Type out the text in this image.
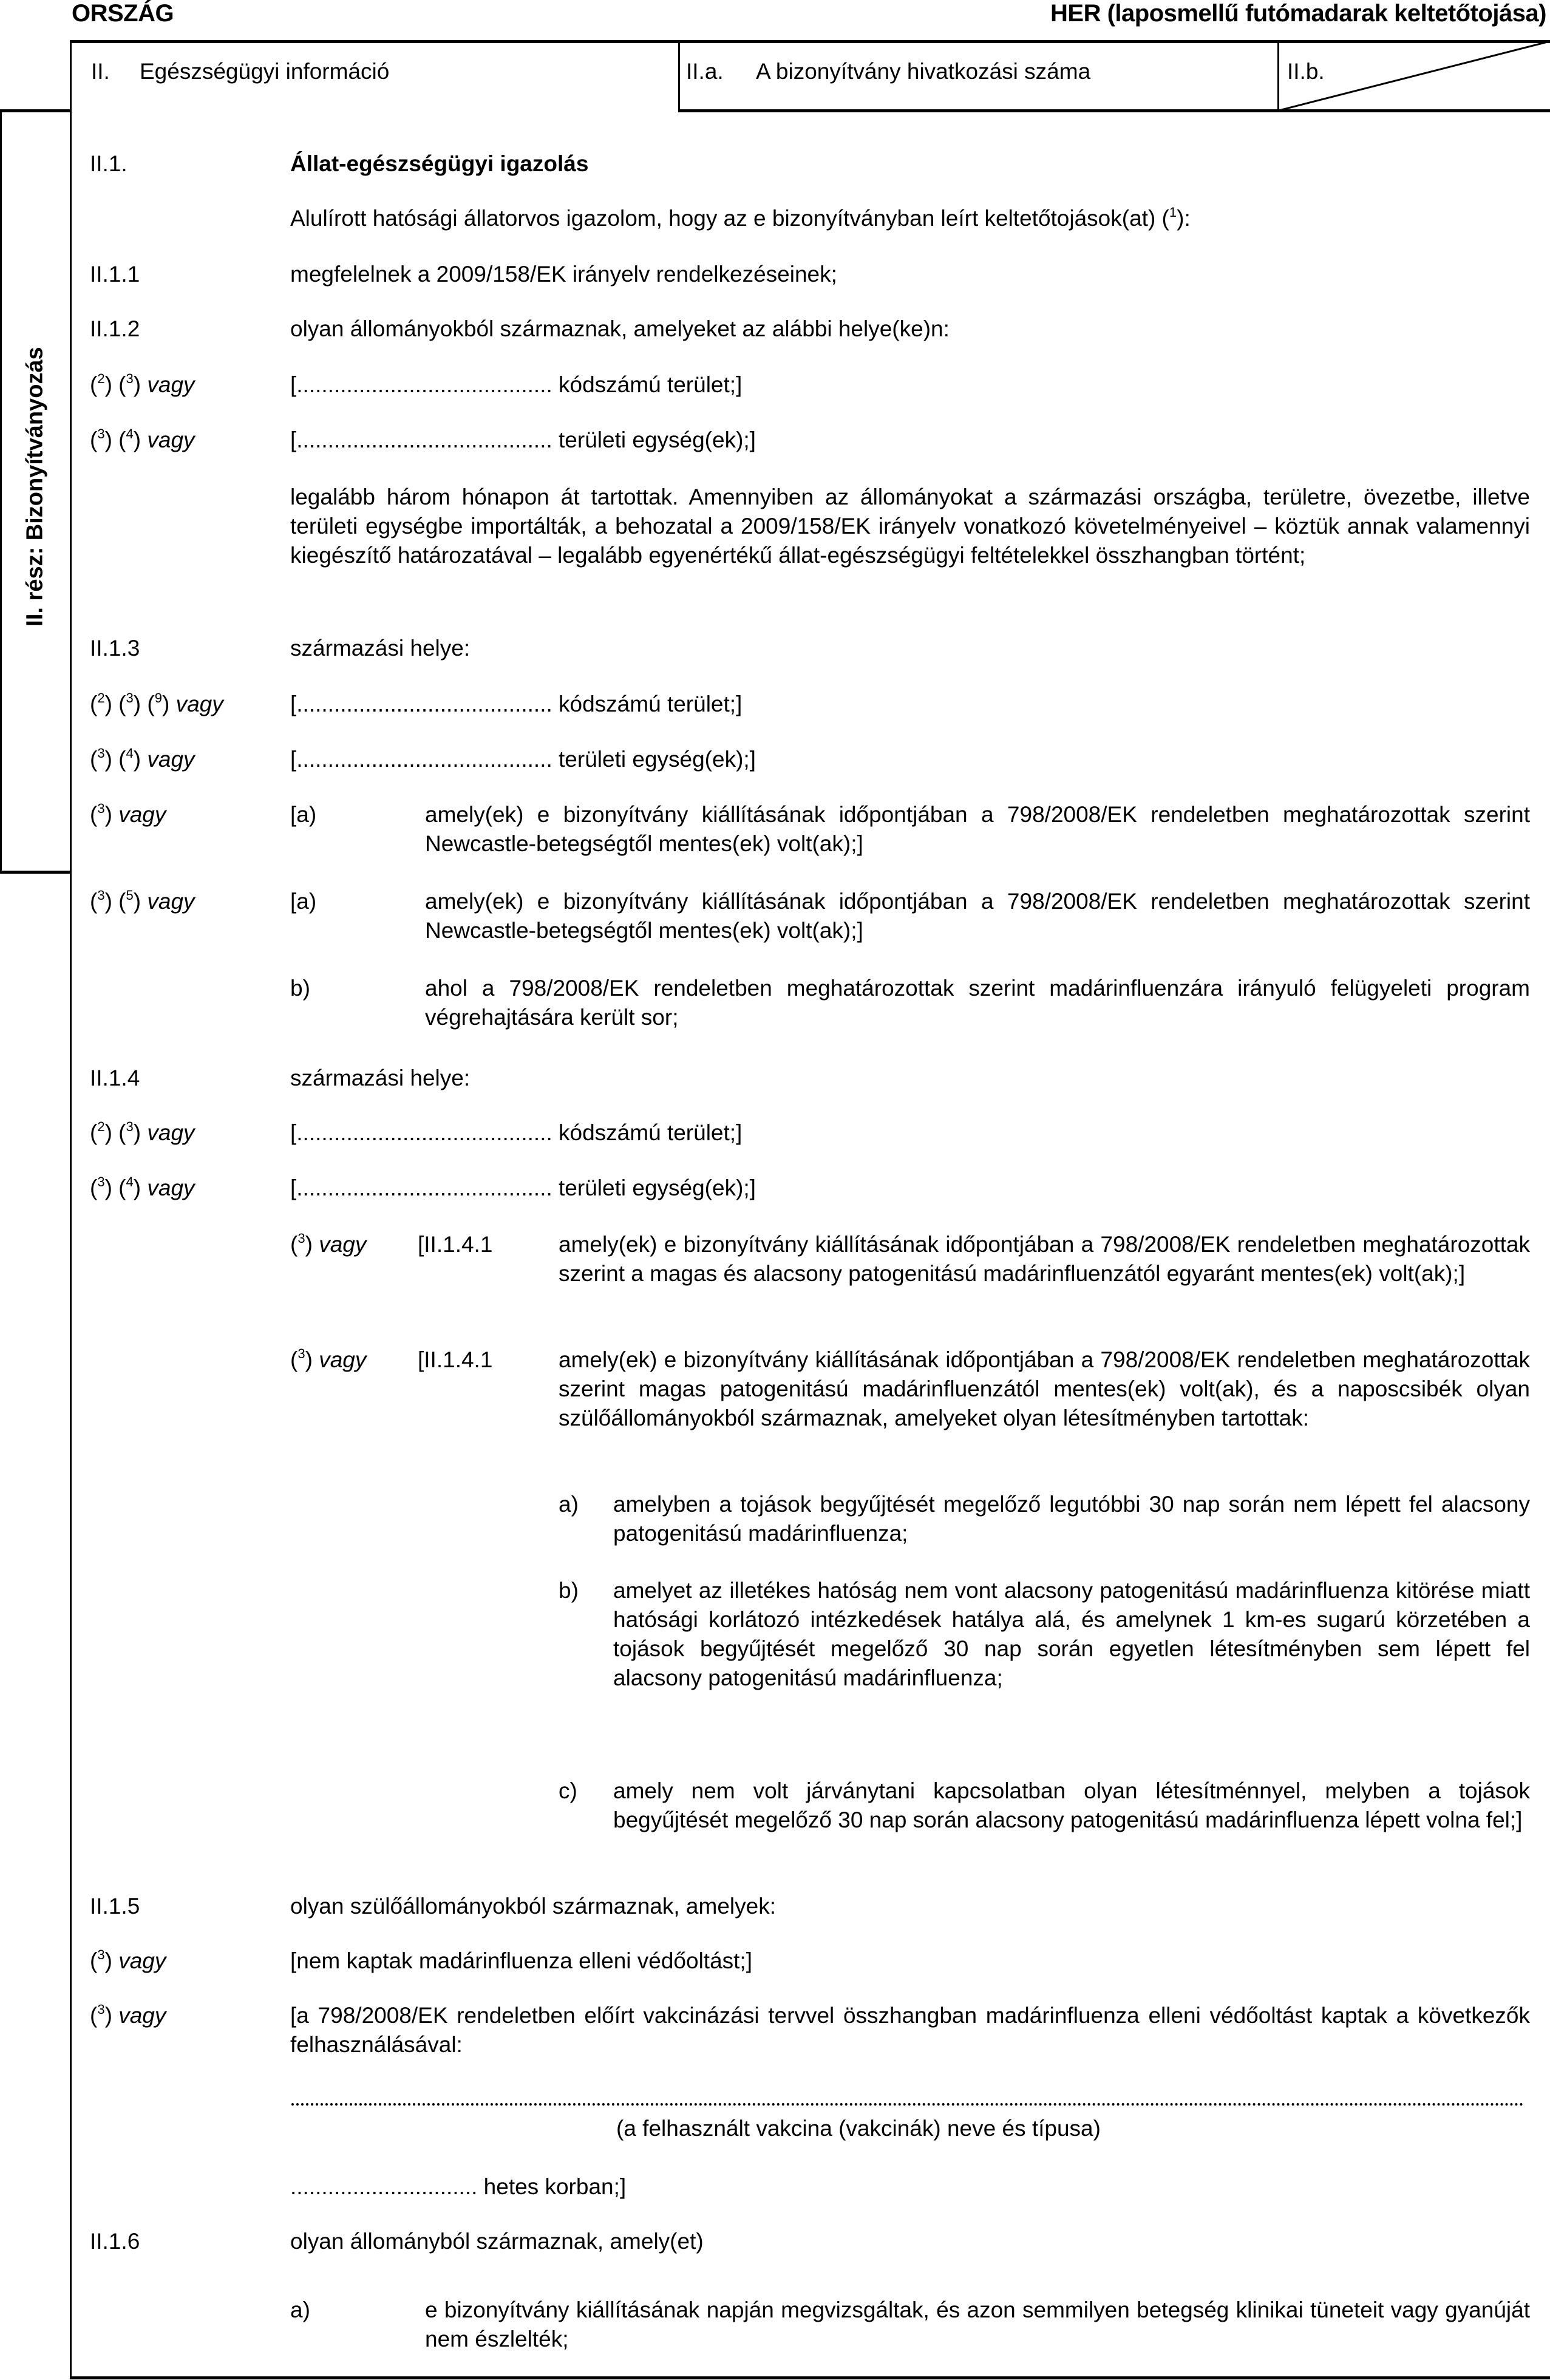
ORSZÁG	HER (laposmellű futómadarak keltetőtojása)
II. Egészségügyi információ	II.a. A bizonyítvány hivatkozási száma	II.b.
II. rész: Bizonyítványozás
II.1.	Állat-egészségügyi igazolás
Alulírott hatósági állatorvos igazolom, hogy az e bizonyítványban leírt keltetőtojások(at) ($^1$):
II.1.1	megfelelnek a 2009/158/EK irányelv rendelkezéseinek;
II.1.2	olyan állományokból származnak, amelyeket az alábbi helye(ke)n:
($^2$) ($^3$) vagy	[......................................... kódszámú terület;]
($^3$) ($^4$) vagy	[......................................... területi egység(ek);]
legalább három hónapon át tartottak. Amennyiben az állományokat a származási országba, területre, övezetbe, illetve területi egységbe importálták, a behozatal a 2009/158/EK irányelv vonatkozó követelményeivel – köztük annak valamennyi kiegészítő határozatával – legalább egyenértékű állat-egészségügyi feltételekkel összhangban történt;
II.1.3	származási helye:
($^2$) ($^3$) ($^9$) vagy	[......................................... kódszámú terület;]
($^3$) ($^4$) vagy	[......................................... területi egység(ek);]
($^3$) vagy	[a)	amely(ek) e bizonyítvány kiállításának időpontjában a 798/2008/EK rendeletben meghatározottak szerint Newcastle-betegségtől mentes(ek) volt(ak);]
($^3$) ($^5$) vagy	[a)	amely(ek) e bizonyítvány kiállításának időpontjában a 798/2008/EK rendeletben meghatározottak szerint Newcastle-betegségtől mentes(ek) volt(ak);]
b)	ahol a 798/2008/EK rendeletben meghatározottak szerint madárinfluenzára irányuló felügyeleti program végrehajtására került sor;
II.1.4	származási helye:
($^2$) ($^3$) vagy	[......................................... kódszámú terület;]
($^3$) ($^4$) vagy	[......................................... területi egység(ek);]
($^3$) vagy [II.1.4.1	amely(ek) e bizonyítvány kiállításának időpontjában a 798/2008/EK rendeletben meghatározottak szerint a magas és alacsony patogenitású madárinfluenzától egyaránt mentes(ek) volt(ak);]
($^3$) vagy [II.1.4.1	amely(ek) e bizonyítvány kiállításának időpontjában a 798/2008/EK rendeletben meghatározottak szerint magas patogenitású madárinfluenzától mentes(ek) volt(ak), és a naposcsibék olyan szülőállományokból származnak, amelyeket olyan létesítményben tartottak:
a) amelyben a tojások begyűjtését megelőző legutóbbi 30 nap során nem lépett fel alacsony patogenitású madárinfluenza;
b) amelyet az illetékes hatóság nem vont alacsony patogenitású madárinfluenza kitörése miatt hatósági korlátozó intézkedések hatálya alá, és amelynek 1 km-es sugarú körzetében a tojások begyűjtését megelőző 30 nap során egyetlen létesítményben sem lépett fel alacsony patogenitású madárinfluenza;
c) amely nem volt járványtani kapcsolatban olyan létesítménnyel, melyben a tojások begyűjtését megelőző 30 nap során alacsony patogenitású madárinfluenza lépett volna fel;]
II.1.5	olyan szülőállományokból származnak, amelyek:
($^3$) vagy	[nem kaptak madárinfluenza elleni védőoltást;]
($^3$) vagy	[a 798/2008/EK rendeletben előírt vakcinázási tervvel összhangban madárinfluenza elleni védőoltást kaptak a következők felhasználásával:
(a felhasznált vakcina (vakcinák) neve és típusa)
.............................. hetes korban;]
II.1.6	olyan állományból származnak, amely(et)
a)	e bizonyítvány kiállításának napján megvizsgáltak, és azon semmilyen betegség klinikai tüneteit vagy gyanúját nem észlelték;
